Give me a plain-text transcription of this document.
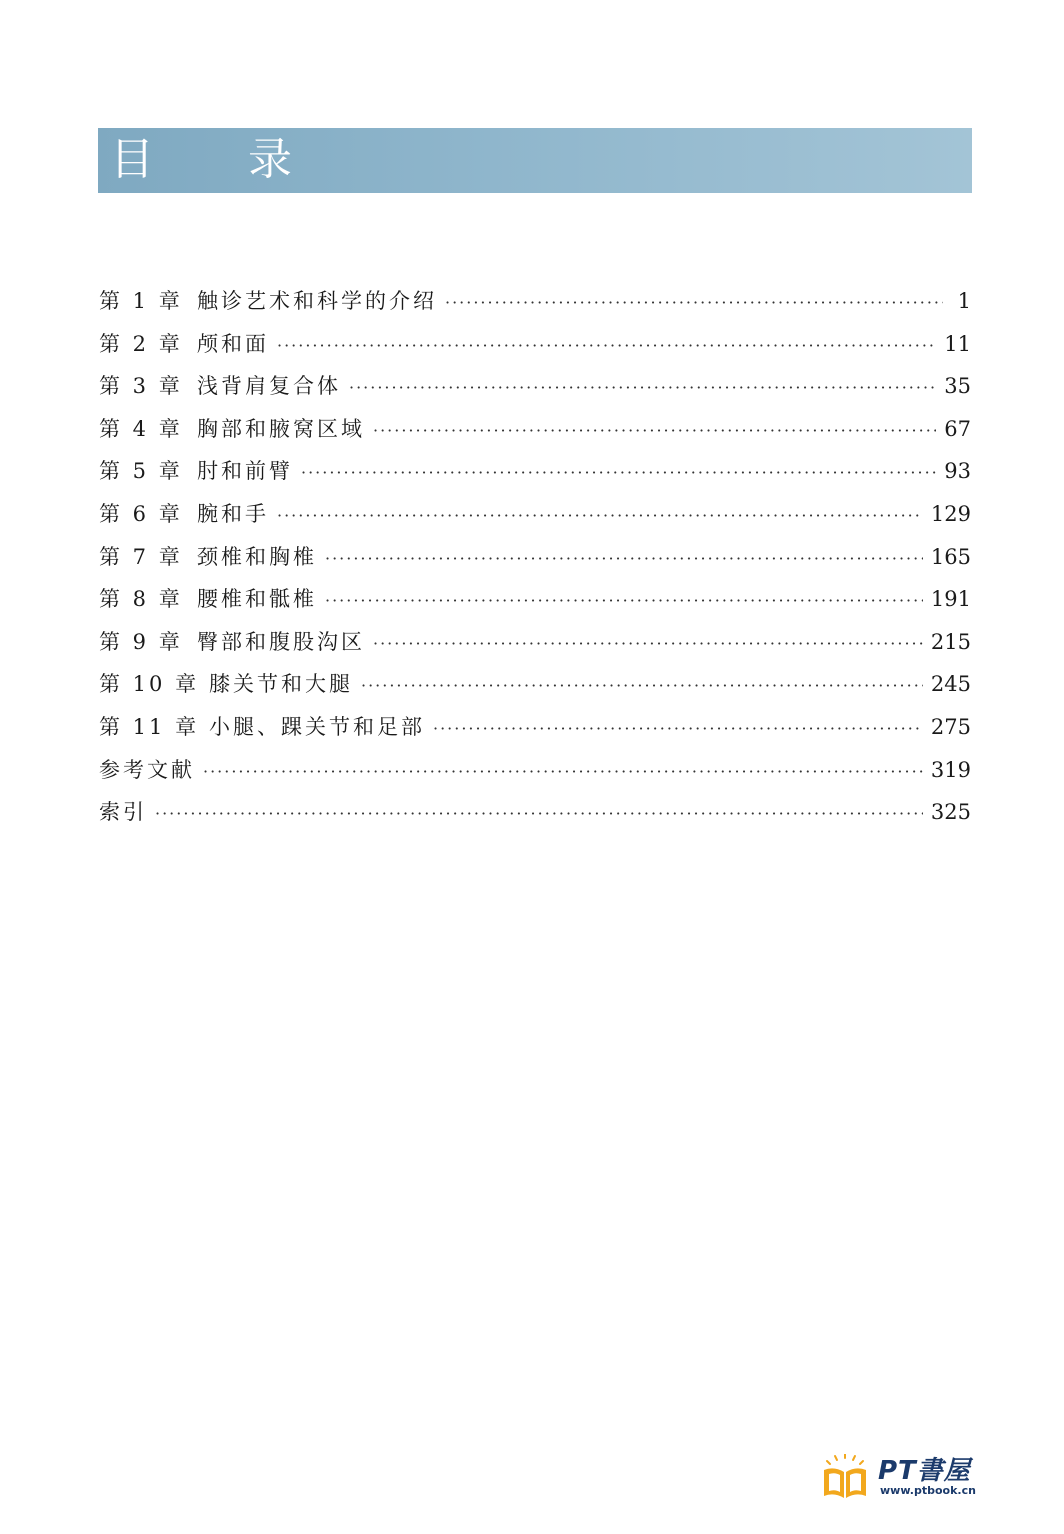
目 录
第 1 章 触诊艺术和科学的介绍 ·····	1
第 2 章 颅和面 ·····	11
第 3 章 浅背肩复合体 ·····	35
第 4 章 胸部和腋窝区域 ·····	67
第 5 章 肘和前臂 ·····	93
第 6 章 腕和手 ·····	129
第 7 章 颈椎和胸椎 ·····	165
第 8 章 腰椎和骶椎 ·····	191
第 9 章 臀部和腹股沟区 ·····	215
第 10 章 膝关节和大腿 ·····	245
第 11 章 小腿、踝关节和足部 ·····	275
参考文献 ·····	319
索引 ·····	325
PT書屋
www.ptbook.cn
